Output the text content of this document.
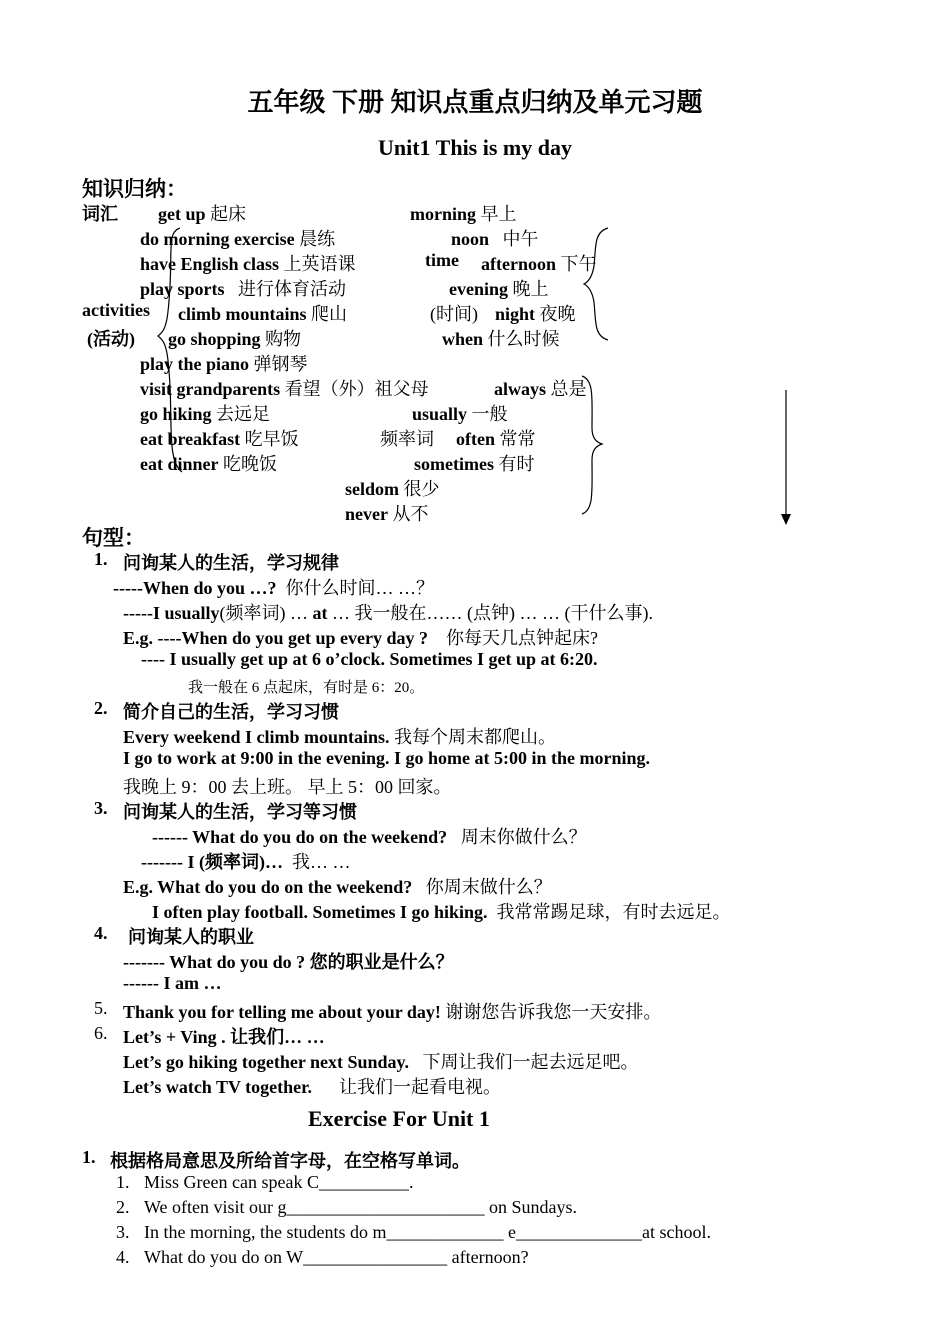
五年级 下册 知识点重点归纳及单元习题
Unit1 This is my day
知识归纳：
词汇 get up 起床
do morning exercise 晨练
have English class 上英语课
play sports 进行体育活动
activities climb mountains 爬山
(活动) go shopping 购物
play the piano 弹钢琴
visit grandparents 看望（外）祖父母
go hiking 去远足
eat breakfast 吃早饭
eat dinner 吃晚饭
morning 早上
noon 中午
time afternoon 下午
evening 晚上
(时间) night 夜晚
when 什么时候
always 总是
usually 一般
频率词 often 常常
sometimes 有时
seldom 很少
never 从不
句型：
1. 问询某人的生活，学习规律
-----When do you …? 你什么时间… …？
-----I usually(频率词) … at … 我一般在…… (点钟) … … (干什么事).
E.g. ----When do you get up every day ? 你每天几点钟起床?
---- I usually get up at 6 o’clock. Sometimes I get up at 6:20.
我一般在 6 点起床，有时是 6：20。
2. 简介自己的生活，学习习惯
Every weekend I climb mountains. 我每个周末都爬山。
I go to work at 9:00 in the evening. I go home at 5:00 in the morning.
我晚上 9：00 去上班。 早上 5：00 回家。
3. 问询某人的生活，学习等习惯
------ What do you do on the weekend? 周末你做什么？
------- I (频率词)… 我… …
E.g. What do you do on the weekend? 你周末做什么？
I often play football. Sometimes I go hiking. 我常常踢足球，有时去远足。
4. 问询某人的职业
------- What do you do ? 您的职业是什么？
------ I am …
5. Thank you for telling me about your day! 谢谢您告诉我您一天安排。
6. Let’s + Ving . 让我们… …
Let’s go hiking together next Sunday. 下周让我们一起去远足吧。
Let’s watch TV together. 让我们一起看电视。
Exercise For Unit 1
1. 根据格局意思及所给首字母，在空格写单词。
1. Miss Green can speak C__________.
2. We often visit our g______________________ on Sundays.
3. In the morning, the students do m_____________ e______________at school.
4. What do you do on W________________ afternoon?
